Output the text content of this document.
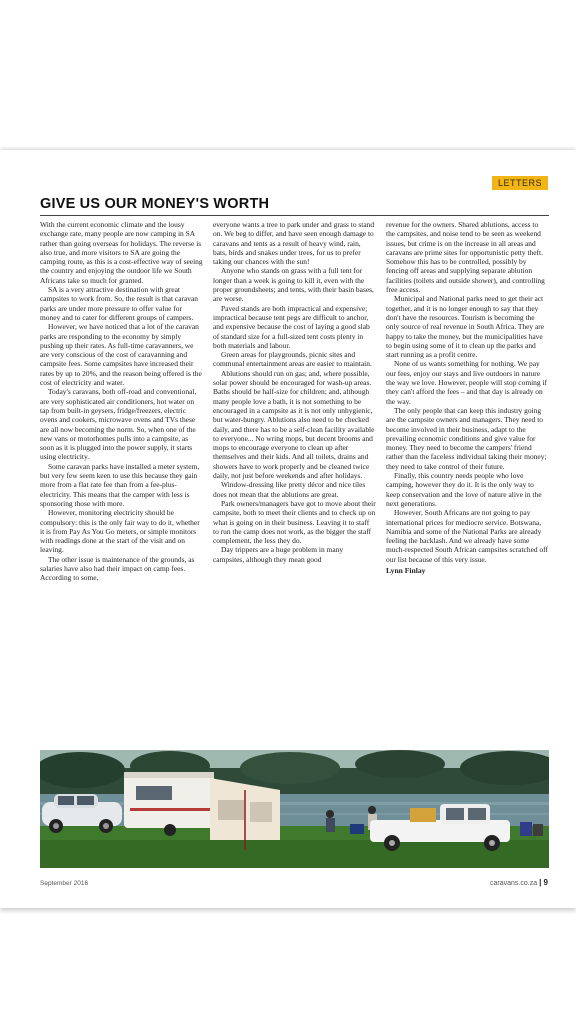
LETTERS
GIVE US OUR MONEY'S WORTH

With the current economic climate and the lousy exchange rate, many people are now camping in SA rather than going overseas for holidays. The reverse is also true, and more visitors to SA are going the camping route, as this is a cost-effective way of seeing the country and enjoying the outdoor life we South Africans take so much for granted.

SA is a very attractive destination with great campsites to work from. So, the result is that caravan parks are under more pressure to offer value for money and to cater for different groups of campers.

However, we have noticed that a lot of the caravan parks are responding to the economy by simply pushing up their rates. As full-time caravanners, we are very conscious of the cost of caravanning and campsite fees. Some campsites have increased their rates by up to 20%, and the reason being offered is the cost of electricity and water.

Today's caravans, both off-road and conventional, are very sophisticated air conditioners, hot water on tap from built-in geysers, fridge/freezers, electric ovens and cookers, microwave ovens and TVs these are all now becoming the norm. So, when one of the new vans or motorhomes pulls into a campsite, as soon as it is plugged into the power supply, it starts using electricity.

Some caravan parks have installed a meter system, but very few seem keen to use this because they gain more from a flat rate fee than from a fee-plus-electricity. This means that the camper with less is sponsoring those with more.

However, monitoring electricity should be compulsory: this is the only fair way to do it, whether it is from Pay As You Go meters, or simple monitors with readings done at the start of the visit and on leaving.

The other issue is maintenance of the grounds, as salaries have also had their impact on camp fees. According to some,

everyone wants a tree to park under and grass to stand on. We beg to differ, and have seen enough damage to caravans and tents as a result of heavy wind, rain, bats, birds and snakes under trees, for us to prefer taking our chances with the sun!

Anyone who stands on grass with a full tent for longer than a week is going to kill it, even with the proper groundsheets; and tents, with their basin bases, are worse.

Paved stands are both impractical and expensive; impractical because tent pegs are difficult to anchor, and expensive because the cost of laying a good slab of standard size for a full-sized tent costs plenty in both materials and labour.

Green areas for playgrounds, picnic sites and communal entertainment areas are easier to maintain.

Ablutions should run on gas; and, where possible, solar power should be encouraged for wash-up areas. Baths should be half-size for children; and, although many people love a bath, it is not something to be encouraged in a campsite as it is not only unhygienic, but water-hungry. Ablutions also need to be checked daily, and there has to be a self-clean facility available to everyone... No wring mops, but decent brooms and mops to encourage everyone to clean up after themselves and their kids. And all toilets, drains and showers have to work properly and be cleaned twice daily, not just before weekends and after holidays.

Window-dressing like pretty décor and nice tiles does not mean that the ablutions are great.

Park owners/managers have got to move about their campsite, both to meet their clients and to check up on what is going on in their business. Leaving it to staff to run the camp does not work, as the bigger the staff complement, the less they do.

Day trippers are a huge problem in many campsites, although they mean good

revenue for the owners. Shared ablutions, access to the campsites, and noise tend to be seen as weekend issues, but crime is on the increase in all areas and caravans are prime sites for opportunistic petty theft. Somehow this has to be controlled, possibly by fencing off areas and supplying separate ablution facilities (toilets and outside shower), and controlling free access.

Municipal and National parks need to get their act together, and it is no longer enough to say that they don't have the resources. Tourism is becoming the only source of real revenue in South Africa. They are happy to take the money, but the municipalities have to begin using some of it to clean up the parks and start running as a profit centre.

None of us wants something for nothing. We pay our fees, enjoy our stays and live outdoors in nature the way we love. However, people will stop coming if they can't afford the fees – and that day is already on the way.

The only people that can keep this industry going are the campsite owners and managers. They need to become involved in their business, adapt to the prevailing economic conditions and give value for money. They need to become the campers' friend rather than the faceless individual taking their money; they need to take control of their future.

Finally, this country needs people who love camping, however they do it. It is the only way to keep conservation and the love of nature alive in the next generations.

However, South Africans are not going to pay international prices for mediocre service. Botswana, Namibia and some of the National Parks are already feeling the backlash. And we already have some much-respected South African campsites scratched off our list because of this very issue.

Lynn Finlay

September 2016	caravans.co.za | 9
